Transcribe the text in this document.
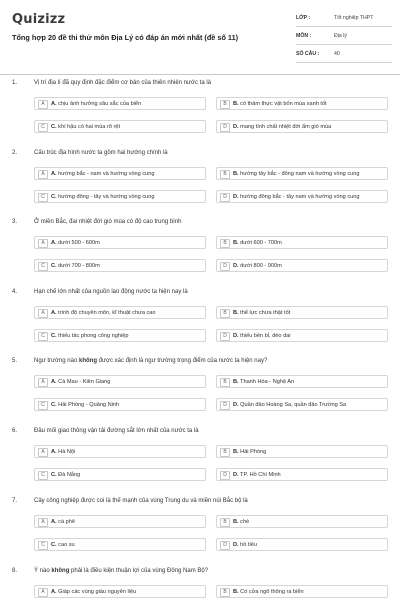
Quizizz
Tổng hợp 20 đề thi thử môn Địa Lý có đáp án mới nhất (đề số 11)
LỚP :	Tốt nghiệp THPT
MÔN :	Địa lý
SỐ CÂU :	40
1.	Vị trí địa lí đã quy định đặc điểm cơ bản của thiên nhiên nước ta là
A	A. chịu ảnh hưởng sâu sắc của biển	B	B. có thảm thực vật bốn mùa xanh tốt
C	C. khí hậu có hai mùa rõ rệt	D	D. mang tính chất nhiệt đới ẩm gió mùa
2.	Cấu trúc địa hình nước ta gồm hai hướng chính là
A	A. hướng bắc - nam và hướng vòng cung	B	B. hướng tây bắc - đông nam và hướng vòng cung
C	C. hướng đông - tây và hướng vòng cung	D	D. hướng đông bắc - tây nam và hướng vòng cung
3.	Ở miền Bắc, đai nhiệt đới gió mùa có độ cao trung bình
A	A. dưới 500 - 600m	B	B. dưới 600 - 700m
C	C. dưới 700 - 800m	D	D. dưới 800 - 900m
4.	Hạn chế lớn nhất của nguồn lao động nước ta hiện nay là
A	A. trình độ chuyên môn, kĩ thuật chưa cao	B	B. thể lực chưa thật tốt
C	C. thiếu tác phong công nghiệp	D	D. thiếu bền bỉ, dẻo dai
5.	Ngư trường nào không được xác định là ngư trường trọng điểm của nước ta hiện nay?
A	A. Cà Mau - Kiên Giang	B	B. Thanh Hóa - Nghệ An
C	C. Hải Phòng - Quảng Ninh	D	D. Quần đảo Hoàng Sa, quần đảo Trường Sa
6.	Đầu mối giao thông vận tải đường sắt lớn nhất của nước ta là
A	A. Hà Nội	B	B. Hải Phòng
C	C. Đà Nẵng	D	D. TP. Hồ Chí Minh
7.	Cây công nghiệp được coi là thế mạnh của vùng Trung du và miền núi Bắc bộ là
A	A. cà phê	B	B. chè
C	C. cao su	D	D. hồ tiêu
8.	Ý nào không phải là điều kiện thuận lợi của vùng Đông Nam Bộ?
A	A. Giáp các vùng giàu nguyên liệu	B	B. Có cửa ngõ thông ra biển
